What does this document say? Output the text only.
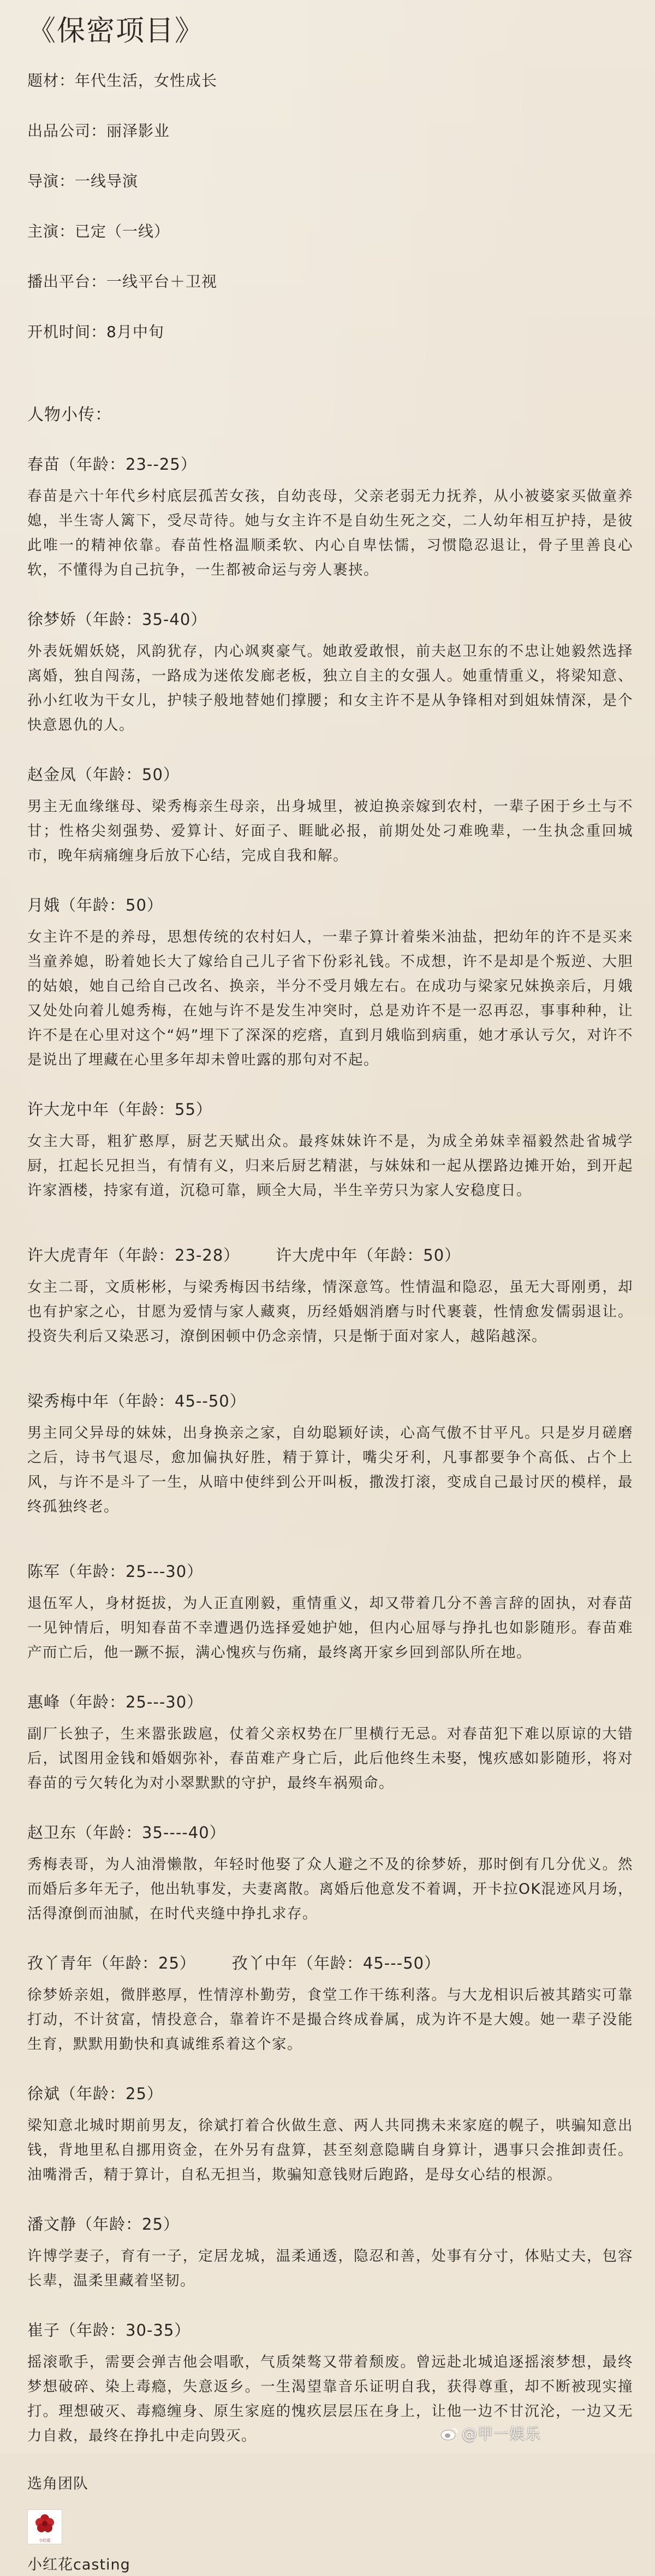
《保密项目》
题材：年代生活，女性成长
出品公司：丽泽影业
导演：一线导演
主演：已定（一线）
播出平台：一线平台＋卫视
开机时间：8月中旬
人物小传：
春苗（年龄：23--25）
春苗是六十年代乡村底层孤苦女孩，自幼丧母，父亲老弱无力抚养，从小被婆家买做童养媳，半生寄人篱下，受尽苛待。她与女主许不是自幼生死之交，二人幼年相互护持，是彼此唯一的精神依靠。春苗性格温顺柔软、内心自卑怯懦，习惯隐忍退让，骨子里善良心软，不懂得为自己抗争，一生都被命运与旁人裹挟。
徐梦娇（年龄：35-40）
外表妩媚妖娆，风韵犹存，内心飒爽豪气。她敢爱敢恨，前夫赵卫东的不忠让她毅然选择离婚，独自闯荡，一路成为迷侬发廊老板，独立自主的女强人。她重情重义，将梁知意、孙小红收为干女儿，护犊子般地替她们撑腰；和女主许不是从争锋相对到姐妹情深，是个快意恩仇的人。
赵金凤（年龄：50）
男主无血缘继母、梁秀梅亲生母亲，出身城里，被迫换亲嫁到农村，一辈子困于乡土与不甘；性格尖刻强势、爱算计、好面子、睚眦必报，前期处处刁难晚辈，一生执念重回城市，晚年病痛缠身后放下心结，完成自我和解。
月娥（年龄：50）
女主许不是的养母，思想传统的农村妇人，一辈子算计着柴米油盐，把幼年的许不是买来当童养媳，盼着她长大了嫁给自己儿子省下份彩礼钱。不成想，许不是却是个叛逆、大胆的姑娘，她自己给自己改名、换亲，半分不受月娥左右。在成功与梁家兄妹换亲后，月娥又处处向着儿媳秀梅，在她与许不是发生冲突时，总是劝许不是一忍再忍，事事种种，让许不是在心里对这个“妈”埋下了深深的疙瘩，直到月娥临到病重，她才承认亏欠，对许不是说出了埋藏在心里多年却未曾吐露的那句对不起。
许大龙中年（年龄：55）
女主大哥，粗犷憨厚，厨艺天赋出众。最疼妹妹许不是，为成全弟妹幸福毅然赴省城学厨，扛起长兄担当，有情有义，归来后厨艺精湛，与妹妹和一起从摆路边摊开始，到开起许家酒楼，持家有道，沉稳可靠，顾全大局，半生辛劳只为家人安稳度日。
许大虎青年（年龄：23-28） 许大虎中年（年龄：50）
女主二哥，文质彬彬，与梁秀梅因书结缘，情深意笃。性情温和隐忍，虽无大哥刚勇，却也有护家之心，甘愿为爱情与家人藏爽，历经婚姻消磨与时代裹蓑，性情愈发儒弱退让。投资失利后又染恶习，潦倒困顿中仍念亲情，只是惭于面对家人，越陷越深。
梁秀梅中年（年龄：45--50）
男主同父异母的妹妹，出身换亲之家，自幼聪颖好读，心高气傲不甘平凡。只是岁月磋磨之后，诗书气退尽，愈加偏执好胜，精于算计，嘴尖牙利，凡事都要争个高低、占个上风，与许不是斗了一生，从暗中使绊到公开叫板，撒泼打滚，变成自己最讨厌的模样，最终孤独终老。
陈军（年龄：25---30）
退伍军人，身材挺拔，为人正直刚毅，重情重义，却又带着几分不善言辞的固执，对春苗一见钟情后，明知春苗不幸遭遇仍选择爱她护她，但内心屈辱与挣扎也如影随形。春苗难产而亡后，他一蹶不振，满心愧疚与伤痛，最终离开家乡回到部队所在地。
惠峰（年龄：25---30）
副厂长独子，生来嚣张跋扈，仗着父亲权势在厂里横行无忌。对春苗犯下难以原谅的大错后，试图用金钱和婚姻弥补，春苗难产身亡后，此后他终生未娶，愧疚感如影随形，将对春苗的亏欠转化为对小翠默默的守护，最终车祸殒命。
赵卫东（年龄：35----40）
秀梅表哥，为人油滑懒散，年轻时他娶了众人避之不及的徐梦娇，那时倒有几分优义。然而婚后多年无子，他出轨事发，夫妻离散。离婚后他意发不着调，开卡拉OK混迹风月场，活得潦倒而油腻，在时代夹缝中挣扎求存。
孜丫青年（年龄：25） 孜丫中年（年龄：45---50）
徐梦娇亲姐，微胖憨厚，性情淳朴勤劳，食堂工作干练利落。与大龙相识后被其踏实可靠打动，不计贫富，情投意合，靠着许不是撮合终成眷属，成为许不是大嫂。她一辈子没能生育，默默用勤快和真诚维系着这个家。
徐斌（年龄：25）
梁知意北城时期前男友，徐斌打着合伙做生意、两人共同携未来家庭的幌子，哄骗知意出钱，背地里私自挪用资金，在外另有盘算，甚至刻意隐瞒自身算计，遇事只会推卸责任。油嘴滑舌，精于算计，自私无担当，欺骗知意钱财后跑路，是母女心结的根源。
潘文静（年龄：25）
许博学妻子，育有一子，定居龙城，温柔通透，隐忍和善，处事有分寸，体贴丈夫，包容长辈，温柔里藏着坚韧。
崔子（年龄：30-35）
摇滚歌手，需要会弹吉他会唱歌，气质桀骜又带着颓废。曾远赴北城追逐摇滚梦想，最终梦想破碎、染上毒瘾，失意返乡。一生渴望靠音乐证明自我，获得尊重，却不断被现实撞打。理想破灭、毒瘾缠身、原生家庭的愧疚层层压在身上，让他一边不甘沉沦，一边又无力自救，最终在挣扎中走向毁灭。
选角团队
小红花
小红花casting
@甲一娱乐
